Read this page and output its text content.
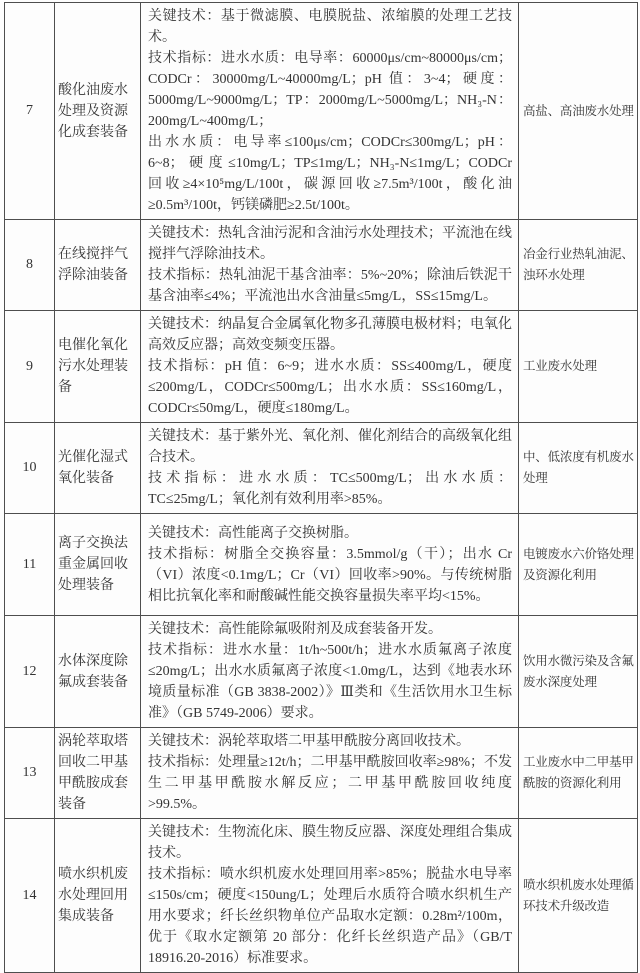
7	酸化油废水处理及资源化成套装备	关键技术：基于微滤膜、电膜脱盐、浓缩膜的处理工艺技术。

技术指标：进水水质：电导率：60000μs/cm~80000μs/cm；CODCr：30000mg/L~40000mg/L；pH 值：3~4；硬度：5000mg/L~9000mg/L；TP：2000mg/L~5000mg/L；NH₃-N：200mg/L~400mg/L；

出水水质：电导率≤100μs/cm；CODCr≤300mg/L；pH：6~8；硬度≤10mg/L；TP≤1mg/L；NH₃-N≤1mg/L；CODCr 回收≥4×10⁵mg/L/100t，碳源回收≥7.5m³/100t，酸化油≥0.5m³/100t，钙镁磷肥≥2.5t/100t。	高盐、高油废水处理
8	在线搅拌气浮除油装备	关键技术：热轧含油污泥和含油污水处理技术；平流池在线搅拌气浮除油技术。

技术指标：热轧油泥干基含油率：5%~20%；除油后铁泥干基含油率≤4%；平流池出水含油量≤5mg/L，SS≤15mg/L。	冶金行业热轧油泥、浊环水处理
9	电催化氧化污水处理装备	关键技术：纳晶复合金属氧化物多孔薄膜电极材料；电氧化高效反应器；高效变频变压器。

技术指标：pH 值：6~9；进水水质：SS≤400mg/L，硬度≤200mg/L，CODCr≤500mg/L；出水水质：SS≤160mg/L，CODCr≤50mg/L，硬度≤180mg/L。	工业废水处理
10	光催化湿式氧化装备	关键技术：基于紫外光、氧化剂、催化剂结合的高级氧化组合技术。

技术指标：进水水质：TC≤500mg/L；出水水质：TC≤25mg/L；氧化剂有效利用率>85%。	中、低浓度有机废水处理
11	离子交换法重金属回收处理装备	关键技术：高性能离子交换树脂。

技术指标：树脂全交换容量：3.5mmol/g（干）；出水 Cr（VI）浓度<0.1mg/L；Cr（VI）回收率>90%。与传统树脂相比抗氧化率和耐酸碱性能交换容量损失率平均<15%。	电镀废水六价铬处理及资源化利用
12	水体深度除氟成套装备	关键技术：高性能除氟吸附剂及成套装备开发。

技术指标：进水水量：1t/h~500t/h；进水水质氟离子浓度≤20mg/L；出水水质氟离子浓度<1.0mg/L，达到《地表水环境质量标准（GB 3838-2002）》Ⅲ类和《生活饮用水卫生标准》（GB 5749-2006）要求。	饮用水微污染及含氟废水深度处理
13	涡轮萃取塔回收二甲基甲酰胺成套装备	关键技术：涡轮萃取塔二甲基甲酰胺分离回收技术。

技术指标：处理量≥12t/h；二甲基甲酰胺回收率≥98%；不发生二甲基甲酰胺水解反应；二甲基甲酰胺回收纯度>99.5%。	工业废水中二甲基甲酰胺的资源化利用
14	喷水织机废水处理回用集成装备	关键技术：生物流化床、膜生物反应器、深度处理组合集成技术。

技术指标：喷水织机废水处理回用率>85%；脱盐水电导率≤150s/cm；硬度<150ung/L；处理后水质符合喷水织机生产用水要求；纤长丝织物单位产品取水定额：0.28m²/100m，优于《取水定额第 20 部分：化纤长丝织造产品》（GB/T 18916.20-2016）标准要求。	喷水织机废水处理循环技术升级改造
